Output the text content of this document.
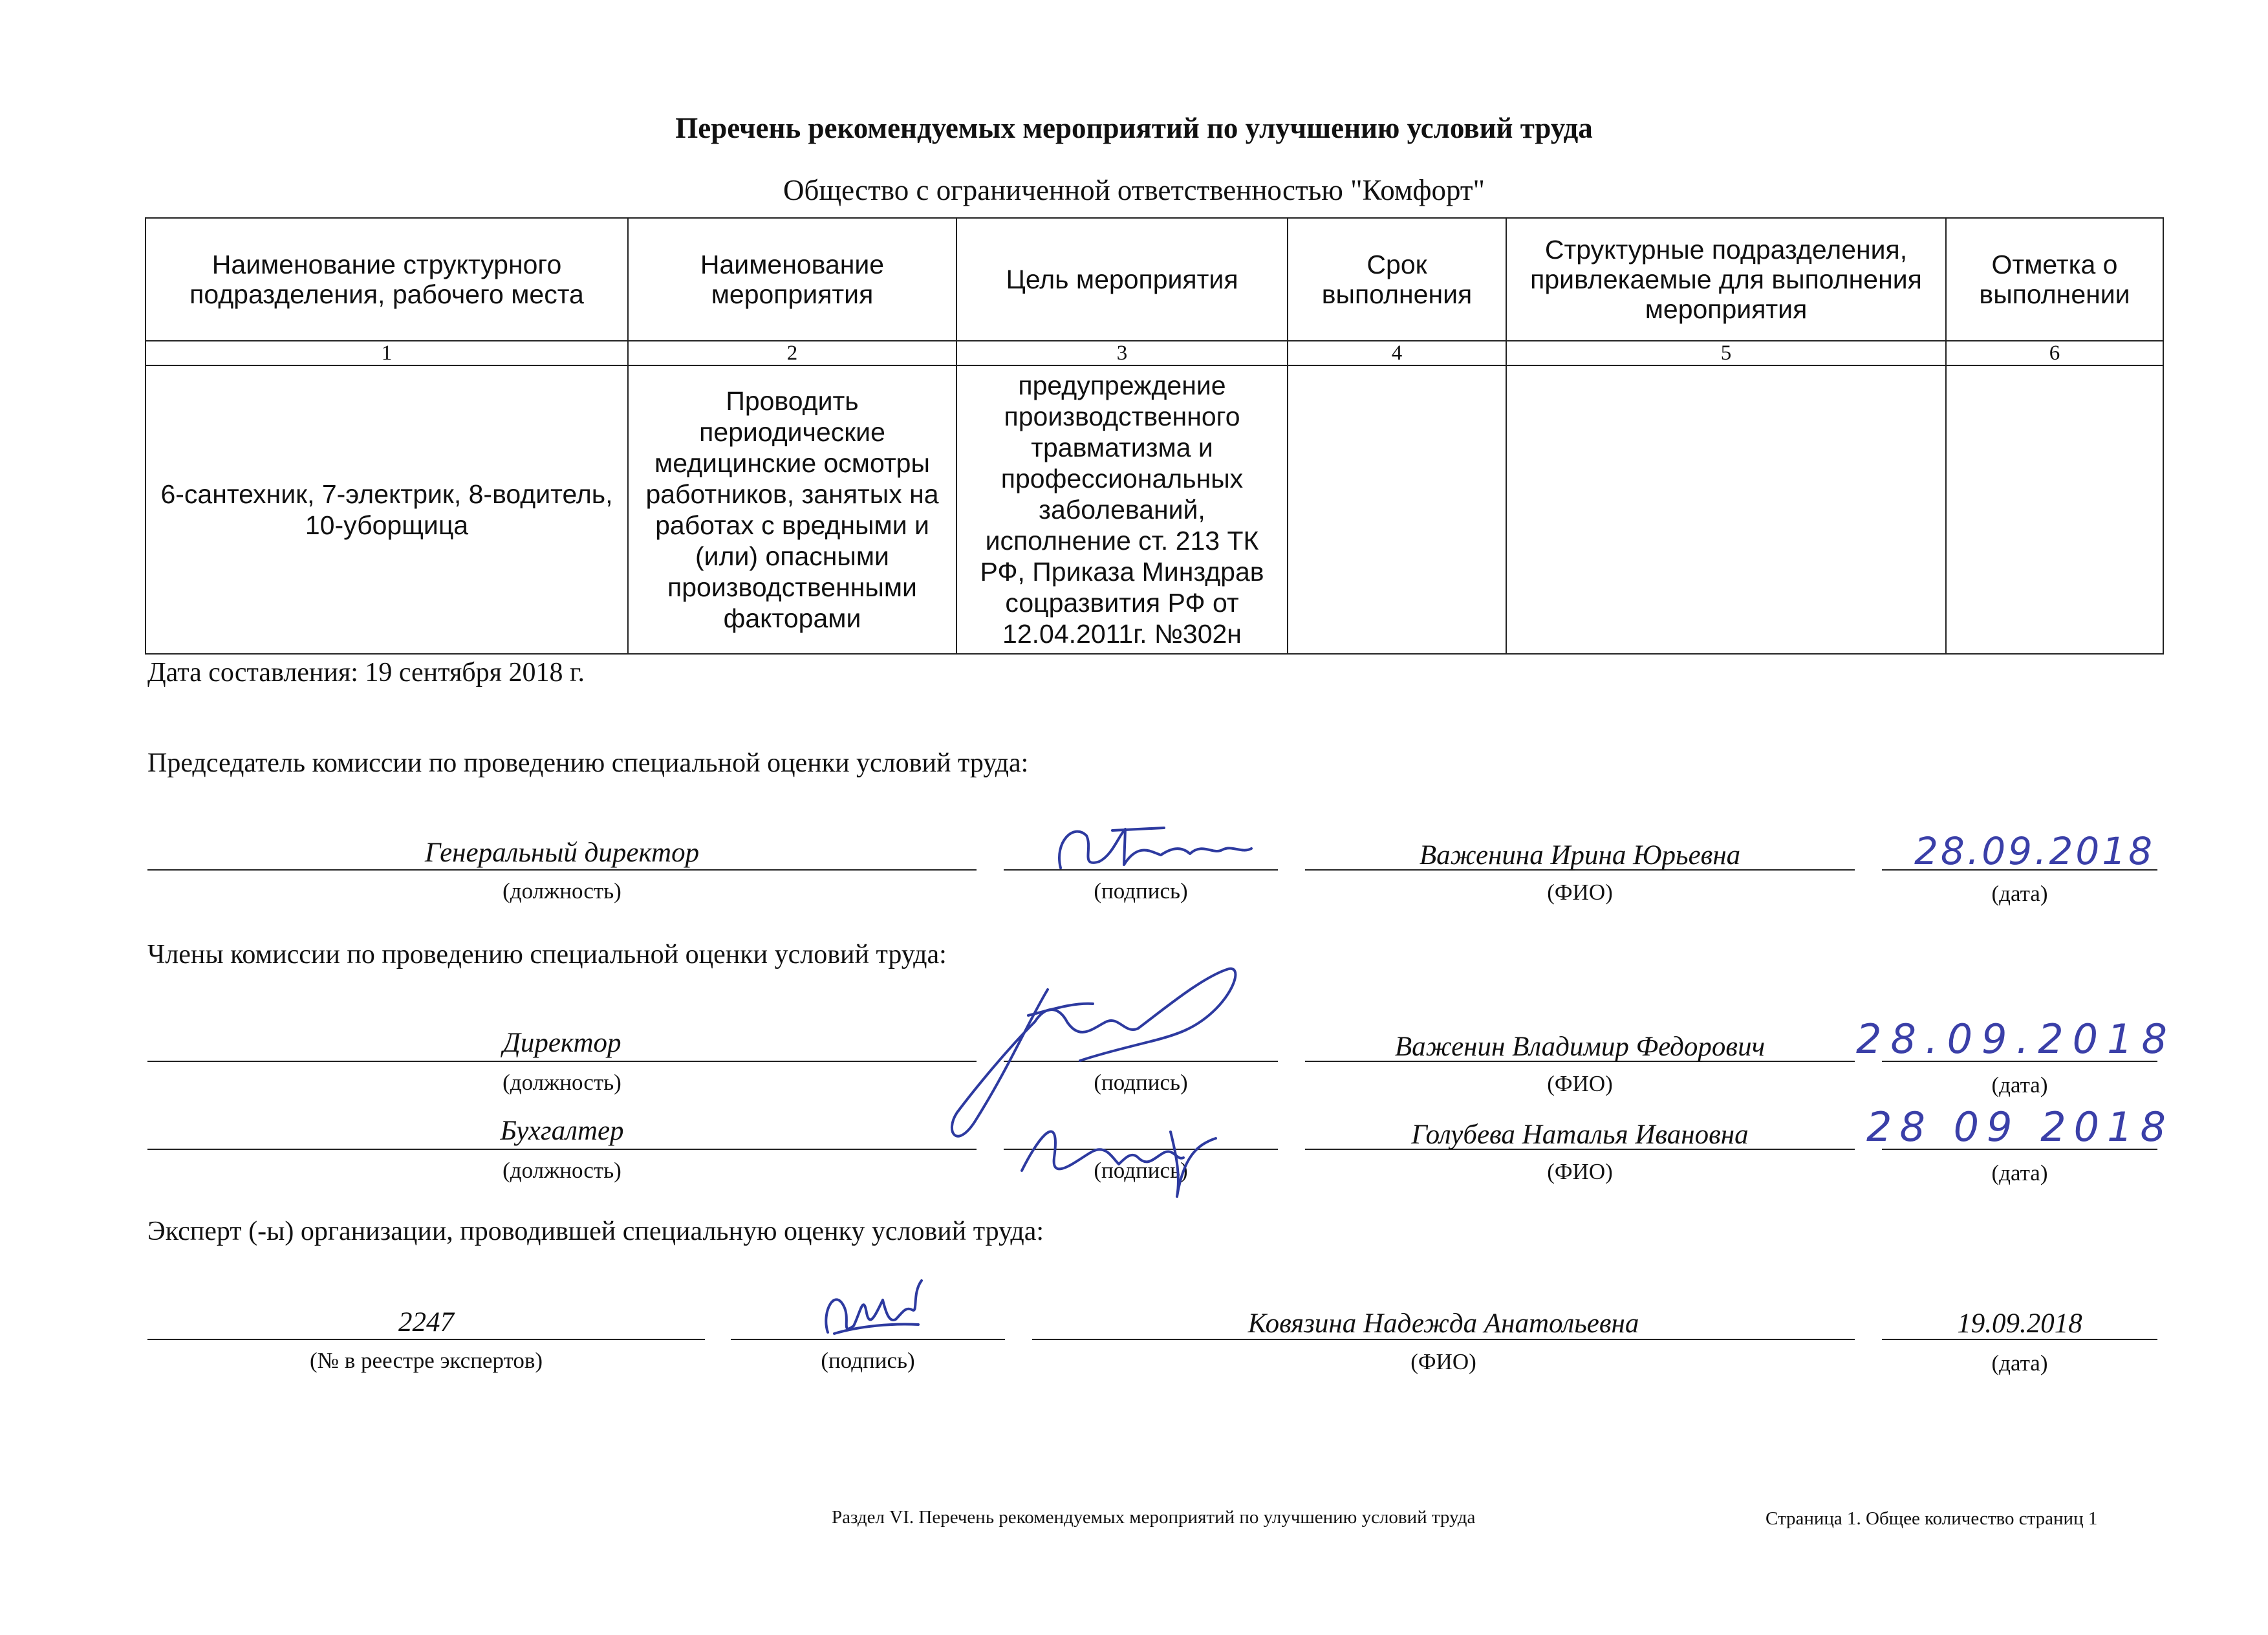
Перечень рекомендуемых мероприятий по улучшению условий труда
Общество с ограниченной ответственностью "Комфорт"
Наименование структурного подразделения, рабочего места	Наименование мероприятия	Цель мероприятия	Срок выполнения	Структурные подразделения, привлекаемые для выполнения мероприятия	Отметка о выполнении
1	2	3	4	5	6
6-сантехник, 7-электрик, 8-водитель, 10-уборщица	Проводить периодические медицинские осмотры работников, занятых на работах с вредными и (или) опасными производственными факторами	предупреждение производственного травматизма и профессиональных заболеваний, исполнение ст. 213 ТК РФ, Приказа Минздрав соцразвития РФ от 12.04.2011г. №302н			
Дата составления: 19 сентября 2018 г.
Председатель комиссии по проведению специальной оценки условий труда:
Генеральный директор
(должность)	(подпись)
Важенина Ирина Юрьевна
(ФИО)
28.09.2018
(дата)
Члены комиссии по проведению специальной оценки условий труда:
Директор
(должность)	(подпись)
Важенин Владимир Федорович
(ФИО)
28.09.2018
(дата)
Бухгалтер
(должность)	(подпись)
Голубева Наталья Ивановна
(ФИО)
28 09 2018
(дата)
Эксперт (-ы) организации, проводившей специальную оценку условий труда:
2247
(№ в реестре экспертов)	(подпись)
Ковязина Надежда Анатольевна
(ФИО)
19.09.2018
(дата)
Раздел VI. Перечень рекомендуемых мероприятий по улучшению условий труда	Страница 1. Общее количество страниц 1
